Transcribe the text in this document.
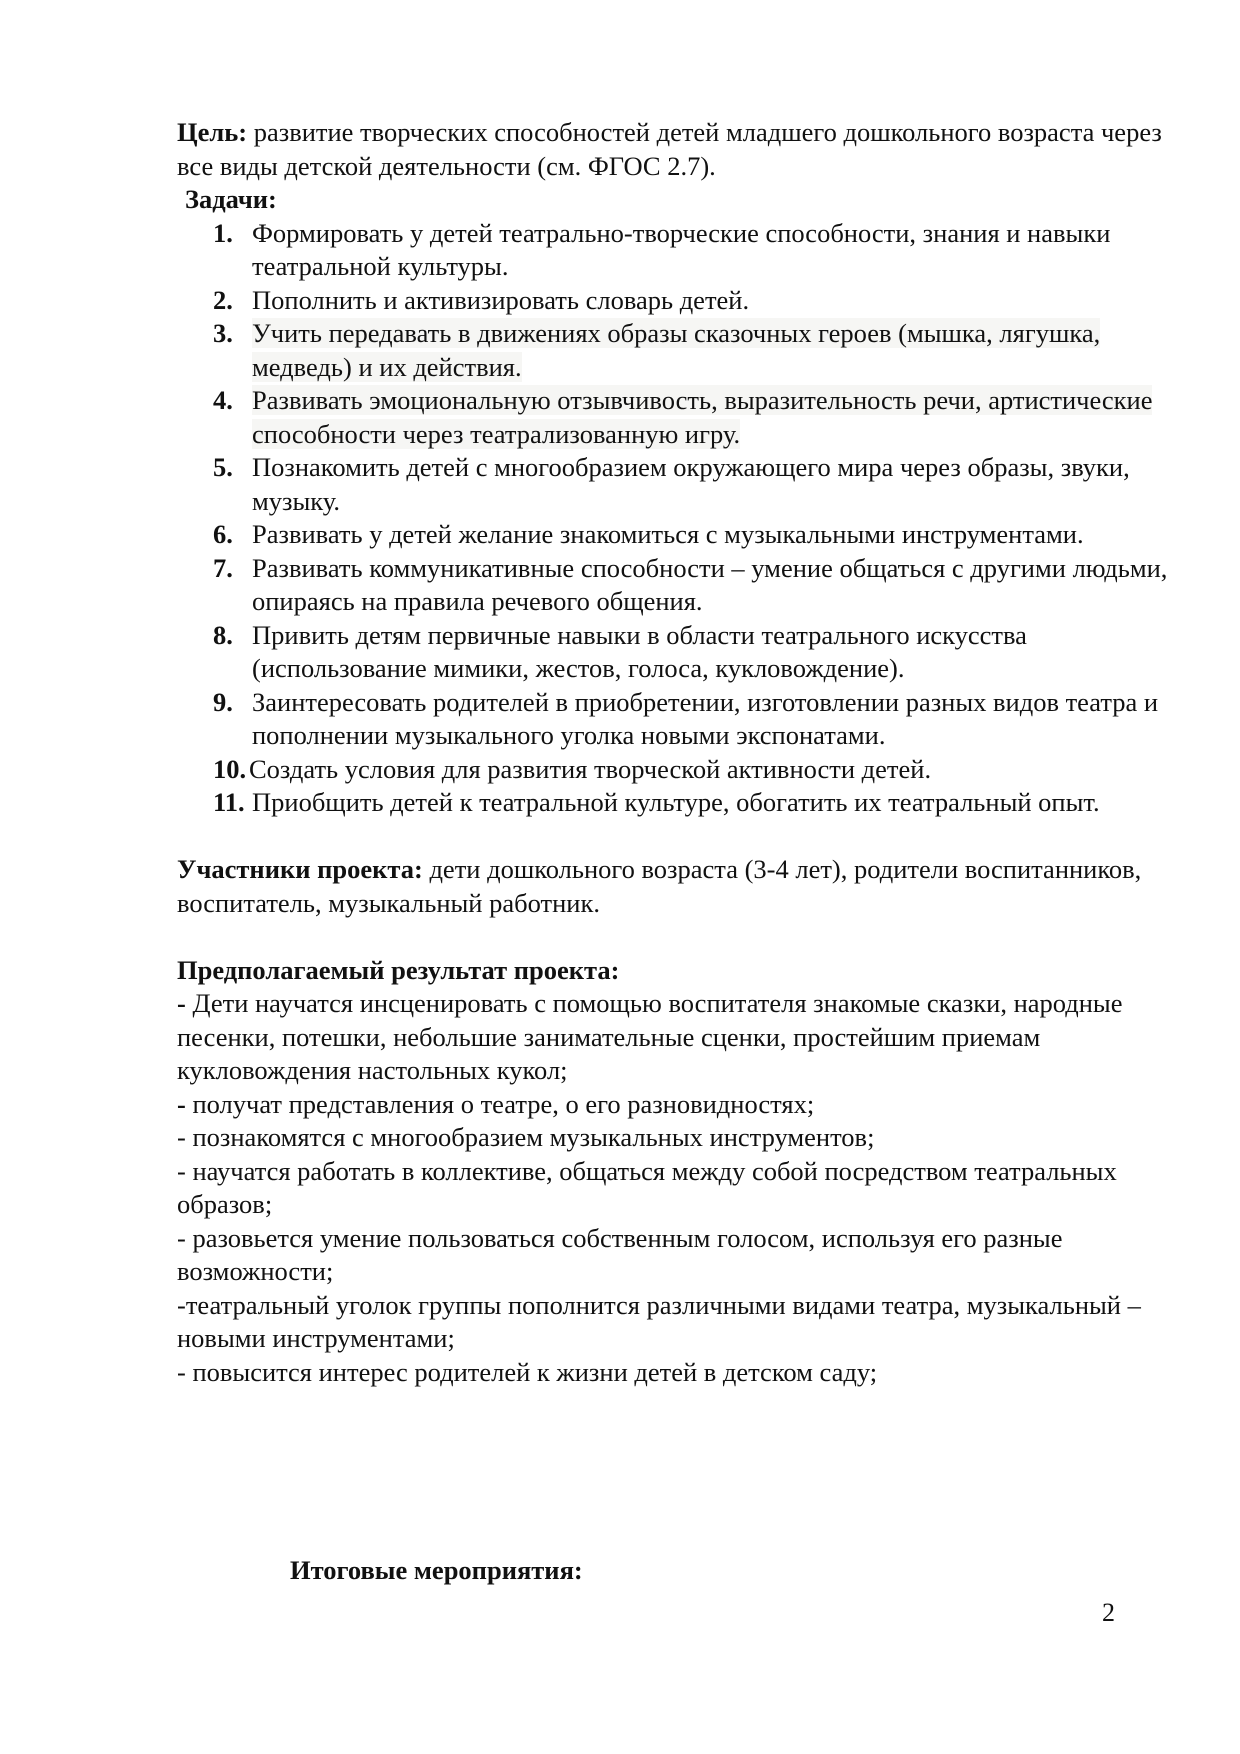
Цель: развитие творческих способностей детей младшего дошкольного возраста через все виды детской деятельности (см. ФГОС 2.7).

Задачи:

1. Формировать у детей театрально-творческие способности, знания и навыки театральной культуры.
2. Пополнить и активизировать словарь детей.
3. Учить передавать в движениях образы сказочных героев (мышка, лягушка, медведь) и их действия.
4. Развивать эмоциональную отзывчивость, выразительность речи, артистические способности через театрализованную игру.
5. Познакомить детей с многообразием окружающего мира через образы, звуки, музыку.
6. Развивать у детей желание знакомиться с музыкальными инструментами.
7. Развивать коммуникативные способности – умение общаться с другими людьми, опираясь на правила речевого общения.
8. Привить детям первичные навыки в области театрального искусства (использование мимики, жестов, голоса, кукловождение).
9. Заинтересовать родителей в приобретении, изготовлении разных видов театра и пополнении музыкального уголка новыми экспонатами.
10. Создать условия для развития творческой активности детей.
11. Приобщить детей к театральной культуре, обогатить их театральный опыт.

Участники проекта: дети дошкольного возраста (3-4 лет), родители воспитанников, воспитатель, музыкальный работник.

Предполагаемый результат проекта:

- Дети научатся инсценировать с помощью воспитателя знакомые сказки, народные песенки, потешки, небольшие занимательные сценки, простейшим приемам кукловождения настольных кукол;
- получат представления о театре, о его разновидностях;
- познакомятся с многообразием музыкальных инструментов;
- научатся работать в коллективе, общаться между собой посредством театральных образов;
- разовьется умение пользоваться собственным голосом, используя его разные возможности;
-театральный уголок группы пополнится различными видами театра, музыкальный – новыми инструментами;
- повысится интерес родителей к жизни детей в детском саду;
Итоговые мероприятия:
2
